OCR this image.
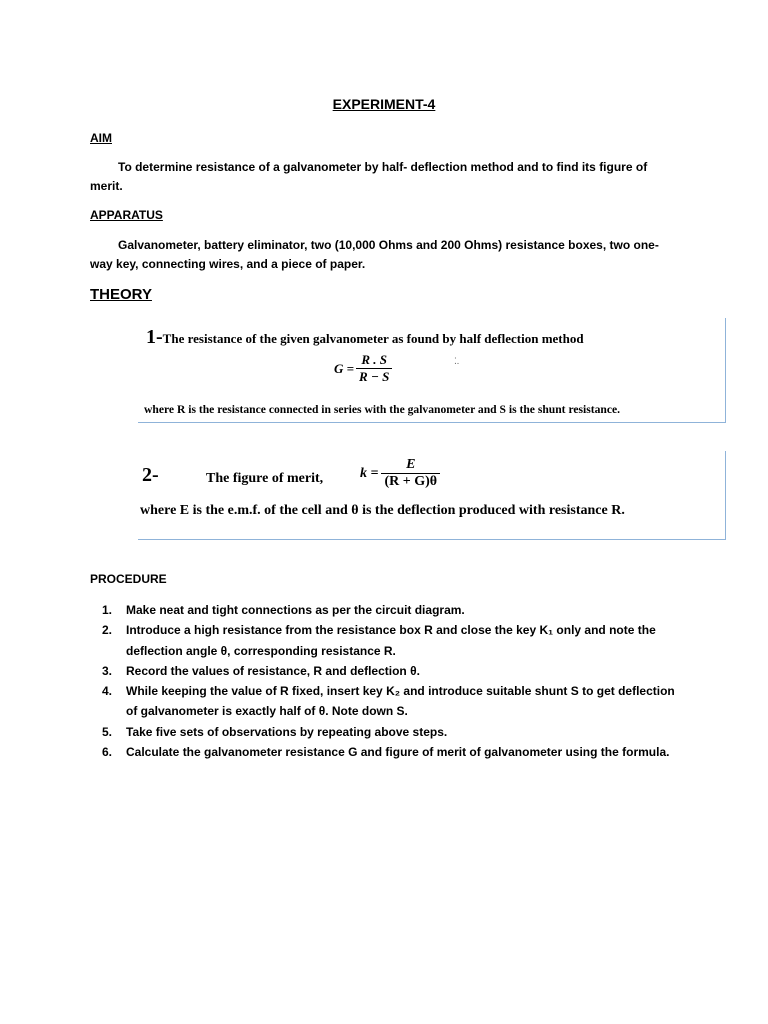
EXPERIMENT-4
AIM
To determine resistance of a galvanometer by half- deflection method and to find its figure of merit.
APPARATUS
Galvanometer, battery eliminator, two (10,000 Ohms and 200 Ohms) resistance boxes, two one-way key, connecting wires, and a piece of paper.
THEORY
1-The resistance of the given galvanometer as found by half deflection method
$G = \frac{R . S}{R - S}$	⁚.
where R is the resistance connected in series with the galvanometer and S is the shunt resistance.
2-	The figure of merit,	$k = \frac{E}{(R + G)\theta}$
where E is the e.m.f. of the cell and θ is the deflection produced with resistance R.
PROCEDURE
1. Make neat and tight connections as per the circuit diagram.
2. Introduce a high resistance from the resistance box R and close the key K₁ only and note the deflection angle θ, corresponding resistance R.
3. Record the values of resistance, R and deflection θ.
4. While keeping the value of R fixed, insert key K₂ and introduce suitable shunt S to get deflection of galvanometer is exactly half of θ. Note down S.
5. Take five sets of observations by repeating above steps.
6. Calculate the galvanometer resistance G and figure of merit of galvanometer using the formula.
